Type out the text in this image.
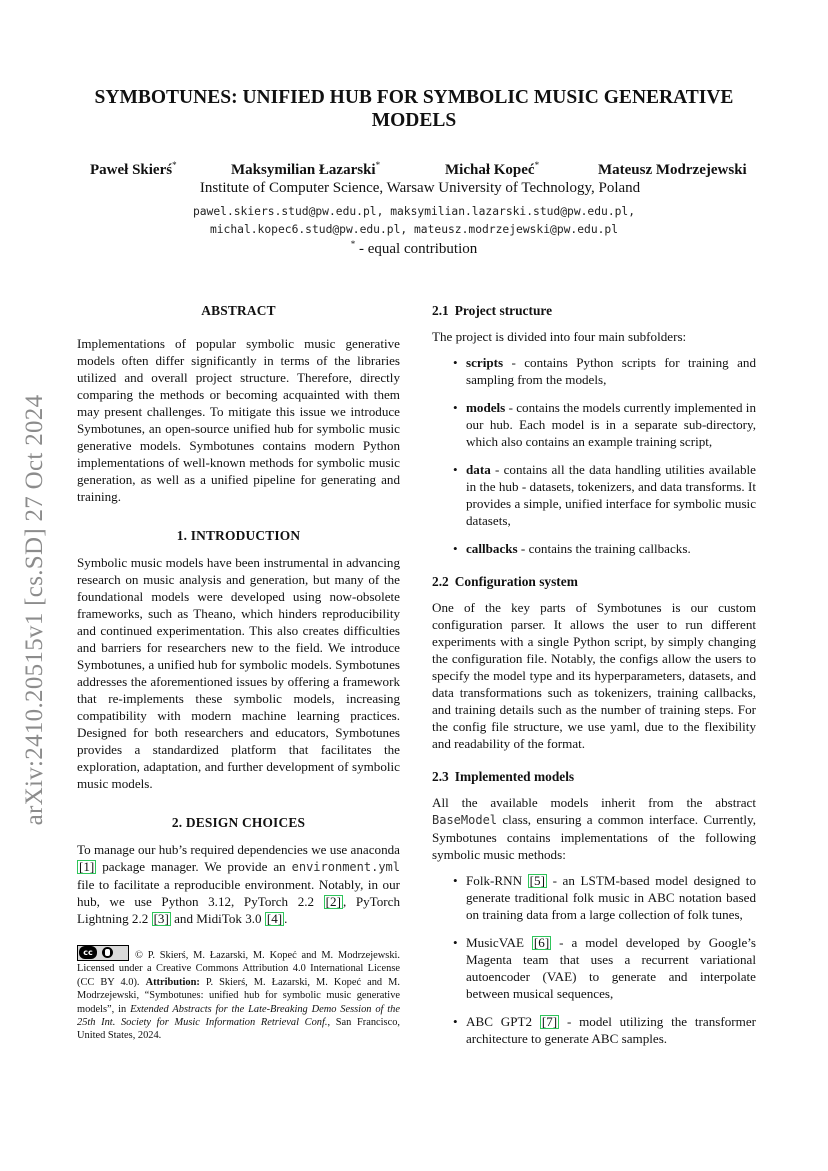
arXiv:2410.20515v1 [cs.SD] 27 Oct 2024
SYMBOTUNES: UNIFIED HUB FOR SYMBOLIC MUSIC GENERATIVE MODELS
Paweł Skierś*	Maksymilian Łazarski*	Michał Kopeć*	Mateusz Modrzejewski
Institute of Computer Science, Warsaw University of Technology, Poland
pawel.skiers.stud@pw.edu.pl, maksymilian.lazarski.stud@pw.edu.pl,
michal.kopec6.stud@pw.edu.pl, mateusz.modrzejewski@pw.edu.pl
* - equal contribution
ABSTRACT

Implementations of popular symbolic music generative models often differ significantly in terms of the libraries utilized and overall project structure. Therefore, directly comparing the methods or becoming acquainted with them may present challenges. To mitigate this issue we introduce Symbotunes, an open-source unified hub for symbolic music generative models. Symbotunes contains modern Python implementations of well-known methods for symbolic music generation, as well as a unified pipeline for generating and training.

1. INTRODUCTION

Symbolic music models have been instrumental in advancing research on music analysis and generation, but many of the foundational models were developed using now-obsolete frameworks, such as Theano, which hinders reproducibility and continued experimentation. This also creates difficulties and barriers for researchers new to the field. We introduce Symbotunes, a unified hub for symbolic models. Symbotunes addresses the aforementioned issues by offering a framework that re-implements these symbolic models, increasing compatibility with modern machine learning practices. Designed for both researchers and educators, Symbotunes provides a standardized platform that facilitates the exploration, adaptation, and further development of symbolic music models.

2. DESIGN CHOICES

To manage our hub’s required dependencies we use anaconda [1] package manager. We provide an environment.yml file to facilitate a reproducible environment. Notably, in our hub, we use Python 3.12, PyTorch 2.2 [2] , PyTorch Lightning 2.2 [3] and MidiTok 3.0 [4] .

cc	© P. Skierś, M. Łazarski, M. Kopeć and M. Modrzejewski. Licensed under a Creative Commons Attribution 4.0 International License (CC BY 4.0). Attribution: P. Skierś, M. Łazarski, M. Kopeć and M. Modrzejewski, “Symbotunes: unified hub for symbolic music generative models”, in Extended Abstracts for the Late-Breaking Demo Session of the 25th Int. Society for Music Information Retrieval Conf., San Francisco, United States, 2024.
2.1 Project structure

The project is divided into four main subfolders:

• scripts - contains Python scripts for training and sampling from the models,
• models - contains the models currently implemented in our hub. Each model is in a separate sub-directory, which also contains an example training script,
• data - contains all the data handling utilities available in the hub - datasets, tokenizers, and data transforms. It provides a simple, unified interface for symbolic music datasets,
• callbacks - contains the training callbacks.
2.2 Configuration system

One of the key parts of Symbotunes is our custom configuration parser. It allows the user to run different experiments with a single Python script, by simply changing the configuration file. Notably, the configs allow the users to specify the model type and its hyperparameters, datasets, and data transformations such as tokenizers, training callbacks, and training details such as the number of training steps. For the config file structure, we use yaml, due to the flexibility and readability of the format.

2.3 Implemented models

All the available models inherit from the abstract BaseModel class, ensuring a common interface. Currently, Symbotunes contains implementations of the following symbolic music methods:

• Folk-RNN [5] - an LSTM-based model designed to generate traditional folk music in ABC notation based on training data from a large collection of folk tunes,
• MusicVAE [6] - a model developed by Google’s Magenta team that uses a recurrent variational autoencoder (VAE) to generate and interpolate between musical sequences,
• ABC GPT2 [7] - model utilizing the transformer architecture to generate ABC samples.
